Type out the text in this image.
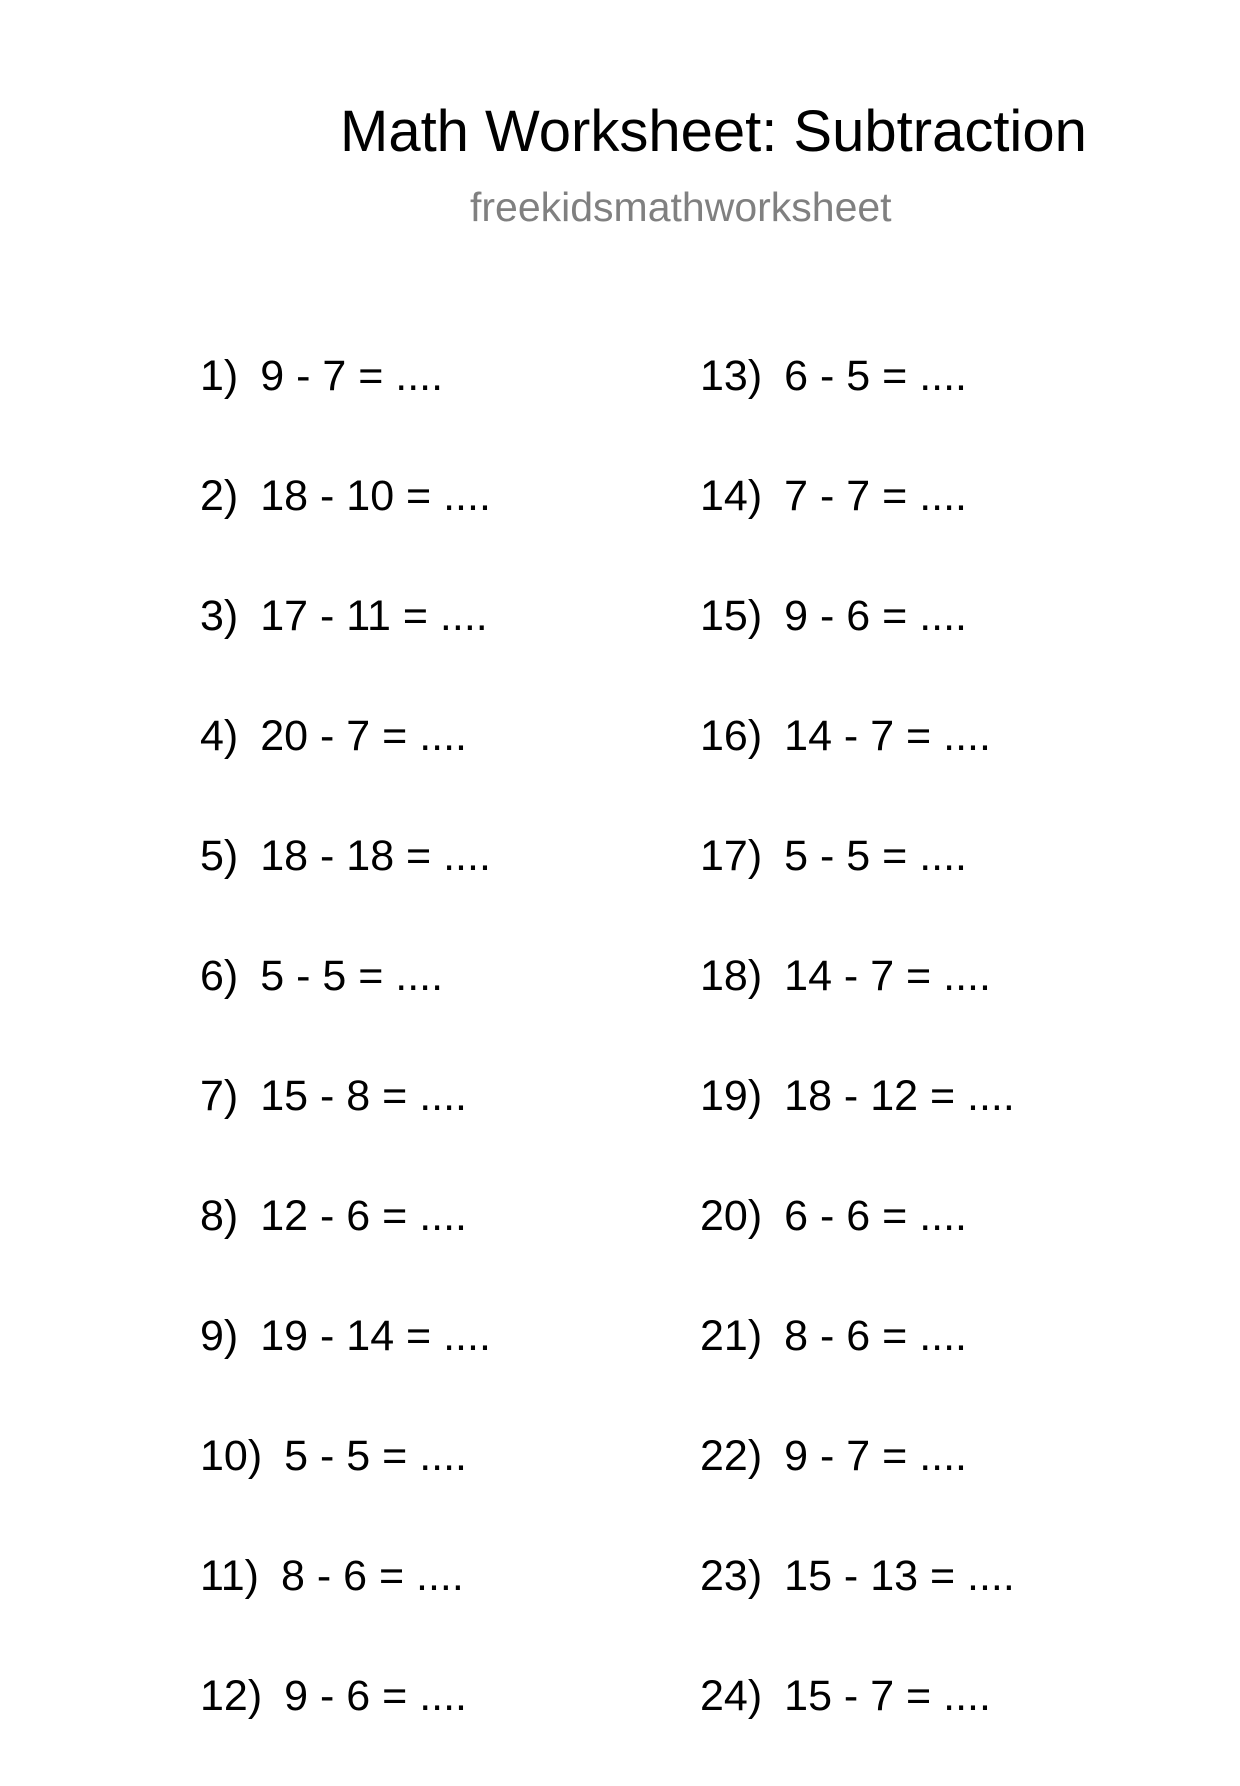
Math Worksheet: Subtraction
freekidsmathworksheet
1) 9 - 7 = ....
2) 18 - 10 = ....
3) 17 - 11 = ....
4) 20 - 7 = ....
5) 18 - 18 = ....
6) 5 - 5 = ....
7) 15 - 8 = ....
8) 12 - 6 = ....
9) 19 - 14 = ....
10) 5 - 5 = ....
11) 8 - 6 = ....
12) 9 - 6 = ....
13) 6 - 5 = ....
14) 7 - 7 = ....
15) 9 - 6 = ....
16) 14 - 7 = ....
17) 5 - 5 = ....
18) 14 - 7 = ....
19) 18 - 12 = ....
20) 6 - 6 = ....
21) 8 - 6 = ....
22) 9 - 7 = ....
23) 15 - 13 = ....
24) 15 - 7 = ....
